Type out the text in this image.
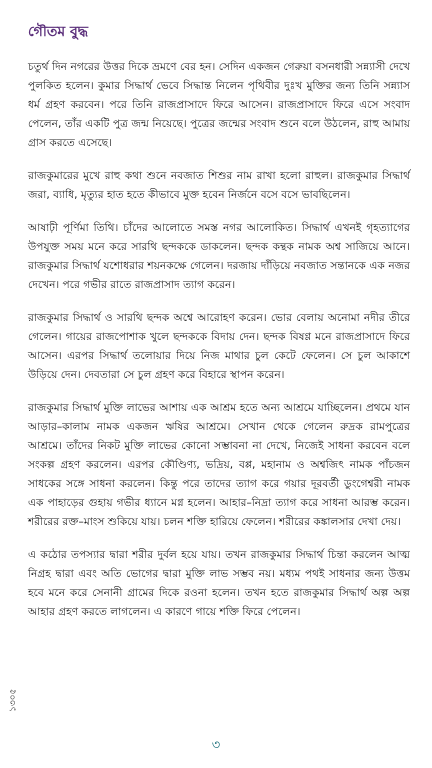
গৌতম বুদ্ধ

চতুর্থ দিন নগরের উত্তর দিকে ভ্রমণে বের হন। সেদিন একজন গেরুয়া বসনধারী সন্ন্যাসী দেখে পুলকিত হলেন। কুমার সিদ্ধার্থ ভেবে সিদ্ধান্ত নিলেন পৃথিবীর দুঃখ মুক্তির জন্য তিনি সন্ন্যাস ধর্ম গ্রহণ করবেন। পরে তিনি রাজপ্রাসাদে ফিরে আসেন। রাজপ্রাসাদে ফিরে এসে সংবাদ পেলেন, তাঁর একটি পুত্র জন্ম নিয়েছে। পুত্রের জন্মের সংবাদ শুনে বলে উঠলেন, রাহু আমায় গ্রাস করতে এসেছে।

রাজকুমারের মুখে রাহু কথা শুনে নবজাত শিশুর নাম রাখা হলো রাহুল। রাজকুমার সিদ্ধার্থ জরা, ব্যাধি, মৃত্যুর হাত হতে কীভাবে মুক্ত হবেন নির্জনে বসে বসে ভাবছিলেন।

আষাঢ়ী পূর্ণিমা তিথি। চাঁদের আলোতে সমস্ত নগর আলোকিত। সিদ্ধার্থ এখনই গৃহত্যাগের উপযুক্ত সময় মনে করে সারথি ছন্দককে ডাকলেন। ছন্দক কন্থক নামক অশ্ব সাজিয়ে আনে। রাজকুমার সিদ্ধার্থ যশোধরার শয়নকক্ষে গেলেন। দরজায় দাঁড়িয়ে নবজাত সন্তানকে এক নজর দেখেন। পরে গভীর রাতে রাজপ্রাসাদ ত্যাগ করেন।

রাজকুমার সিদ্ধার্থ ও সারথি ছন্দক অশ্বে আরোহণ করেন। ভোর বেলায় অনোমা নদীর তীরে গেলেন। গায়ের রাজপোশাক খুলে ছন্দককে বিদায় দেন। ছন্দক বিষণ্ণ মনে রাজপ্রাসাদে ফিরে আসেন। এরপর সিদ্ধার্থ তলোয়ার দিয়ে নিজ মাথার চুল কেটে ফেলেন। সে চুল আকাশে উড়িয়ে দেন। দেবতারা সে চুল গ্রহণ করে বিহারে স্থাপন করেন।

রাজকুমার সিদ্ধার্থ মুক্তি লাভের আশায় এক আশ্রম হতে অন্য আশ্রমে যাচ্ছিলেন। প্রথমে যান আড়ার–কালাম নামক একজন ঋষির আশ্রমে। সেখান থেকে গেলেন রুদ্রক রামপুত্রের আশ্রমে। তাঁদের নিকট মুক্তি লাভের কোনো সম্ভাবনা না দেখে, নিজেই সাধনা করবেন বলে সংকল্প গ্রহণ করলেন। এরপর কৌণ্ডিণ্য, ভদ্রিয়, বপ্প, মহানাম ও অশ্বজিৎ নামক পাঁচজন সাধকের সঙ্গে সাধনা করলেন। কিন্তু পরে তাদের ত্যাগ করে গয়ার দূরবর্তী ডুংগেশ্বরী নামক এক পাহাড়ের গুহায় গভীর ধ্যানে মগ্ন হলেন। আহার–নিদ্রা ত্যাগ করে সাধনা আরম্ভ করেন। শরীরের রক্ত–মাংস শুকিয়ে যায়। চলন শক্তি হারিয়ে ফেলেন। শরীরের কঙ্কালসার দেখা দেয়।

এ কঠোর তপস্যার দ্বারা শরীর দুর্বল হয়ে যায়। তখন রাজকুমার সিদ্ধার্থ চিন্তা করলেন আত্ম নিগ্রহ দ্বারা এবং অতি ভোগের দ্বারা মুক্তি লাভ সম্ভব নয়। মধ্যম পথই সাধনার জন্য উত্তম হবে মনে করে সেনানী গ্রামের দিকে রওনা হলেন। তখন হতে রাজকুমার সিদ্ধার্থ অল্প অল্প আহার গ্রহণ করতে লাগলেন। এ কারণে গায়ে শক্তি ফিরে পেলেন।

১৩০৫
৩
